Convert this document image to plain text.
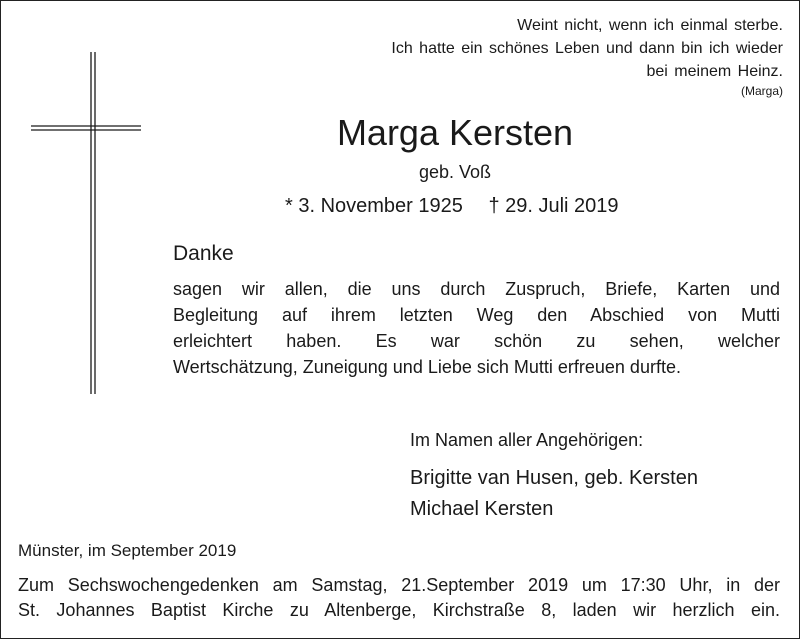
Weint nicht, wenn ich einmal sterbe.
Ich hatte ein schönes Leben und dann bin ich wieder
bei meinem Heinz.
(Marga)
Marga Kersten
geb. Voß
* 3. November 1925 † 29. Juli 2019
Danke
sagen wir allen, die uns durch Zuspruch, Briefe, Karten und
Begleitung auf ihrem letzten Weg den Abschied von Mutti
erleichtert haben. Es war schön zu sehen, welcher
Wertschätzung, Zuneigung und Liebe sich Mutti erfreuen durfte.
Im Namen aller Angehörigen:
Brigitte van Husen, geb. Kersten
Michael Kersten
Münster, im September 2019
Zum Sechswochengedenken am Samstag, 21.September 2019 um 17:30 Uhr, in der
St. Johannes Baptist Kirche zu Altenberge, Kirchstraße 8, laden wir herzlich ein.
